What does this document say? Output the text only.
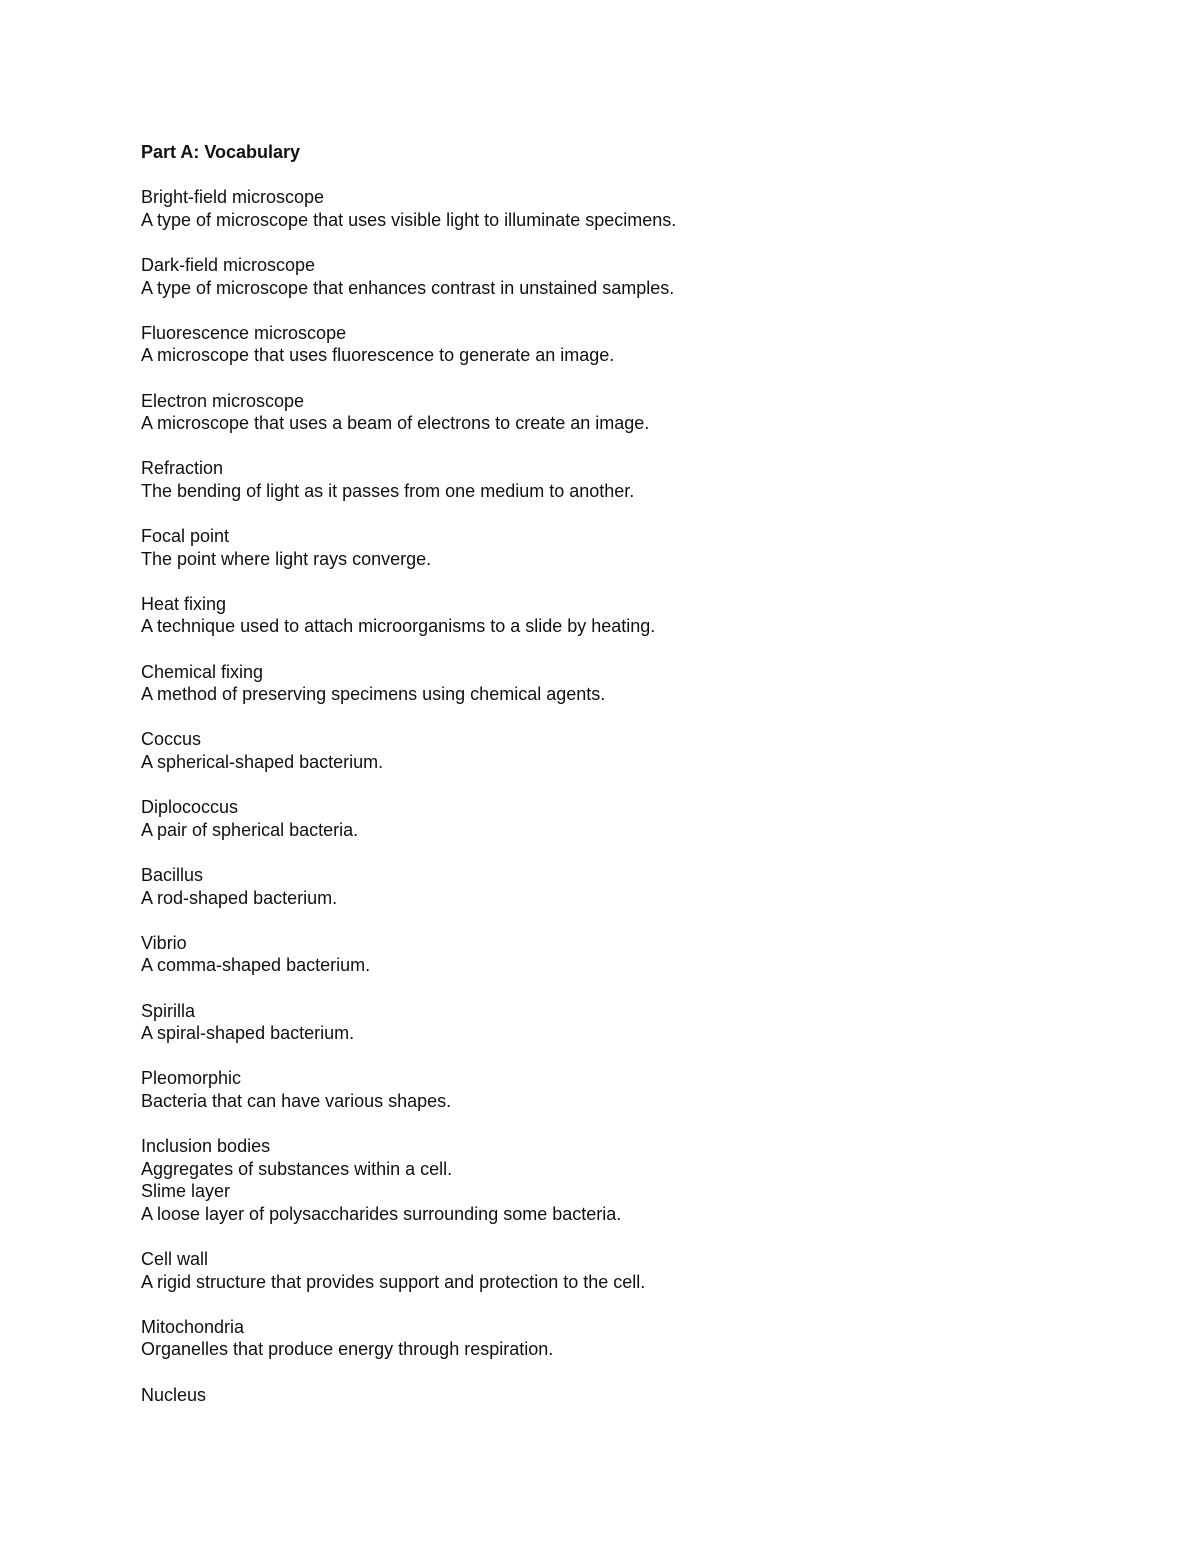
Part A: Vocabulary
Bright-field microscope
A type of microscope that uses visible light to illuminate specimens.
Dark-field microscope
A type of microscope that enhances contrast in unstained samples.
Fluorescence microscope
A microscope that uses fluorescence to generate an image.
Electron microscope
A microscope that uses a beam of electrons to create an image.
Refraction
The bending of light as it passes from one medium to another.
Focal point
The point where light rays converge.
Heat fixing
A technique used to attach microorganisms to a slide by heating.
Chemical fixing
A method of preserving specimens using chemical agents.
Coccus
A spherical-shaped bacterium.
Diplococcus
A pair of spherical bacteria.
Bacillus
A rod-shaped bacterium.
Vibrio
A comma-shaped bacterium.
Spirilla
A spiral-shaped bacterium.
Pleomorphic
Bacteria that can have various shapes.
Inclusion bodies
Aggregates of substances within a cell.
Slime layer
A loose layer of polysaccharides surrounding some bacteria.
Cell wall
A rigid structure that provides support and protection to the cell.
Mitochondria
Organelles that produce energy through respiration.
Nucleus
